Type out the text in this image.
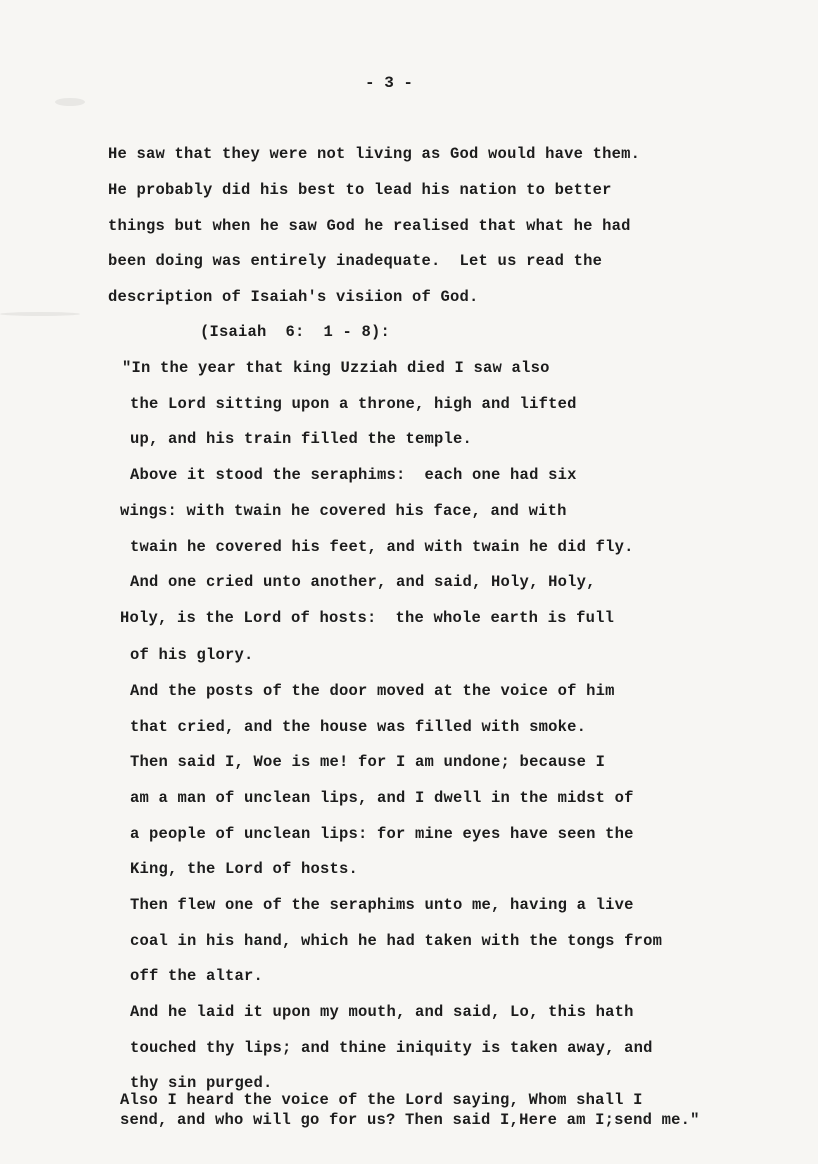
- 3 -
He saw that they were not living as God would have them.
He probably did his best to lead his nation to better
things but when he saw God he realised that what he had
been doing was entirely inadequate.  Let us read the
description of Isaiah's visiion of God.
(Isaiah  6:  1 - 8):
"In the year that king Uzziah died I saw also
the Lord sitting upon a throne, high and lifted
up, and his train filled the temple.
Above it stood the seraphims:  each one had six
wings: with twain he covered his face, and with
twain he covered his feet, and with twain he did fly.
And one cried unto another, and said, Holy, Holy,
Holy, is the Lord of hosts:  the whole earth is full
of his glory.
And the posts of the door moved at the voice of him
that cried, and the house was filled with smoke.
Then said I, Woe is me! for I am undone; because I
am a man of unclean lips, and I dwell in the midst of
a people of unclean lips: for mine eyes have seen the
King, the Lord of hosts.
Then flew one of the seraphims unto me, having a live
coal in his hand, which he had taken with the tongs from
off the altar.
And he laid it upon my mouth, and said, Lo, this hath
touched thy lips; and thine iniquity is taken away, and
thy sin purged.
Also I heard the voice of the Lord saying, Whom shall I
send, and who will go for us? Then said I,Here am I;send me."
